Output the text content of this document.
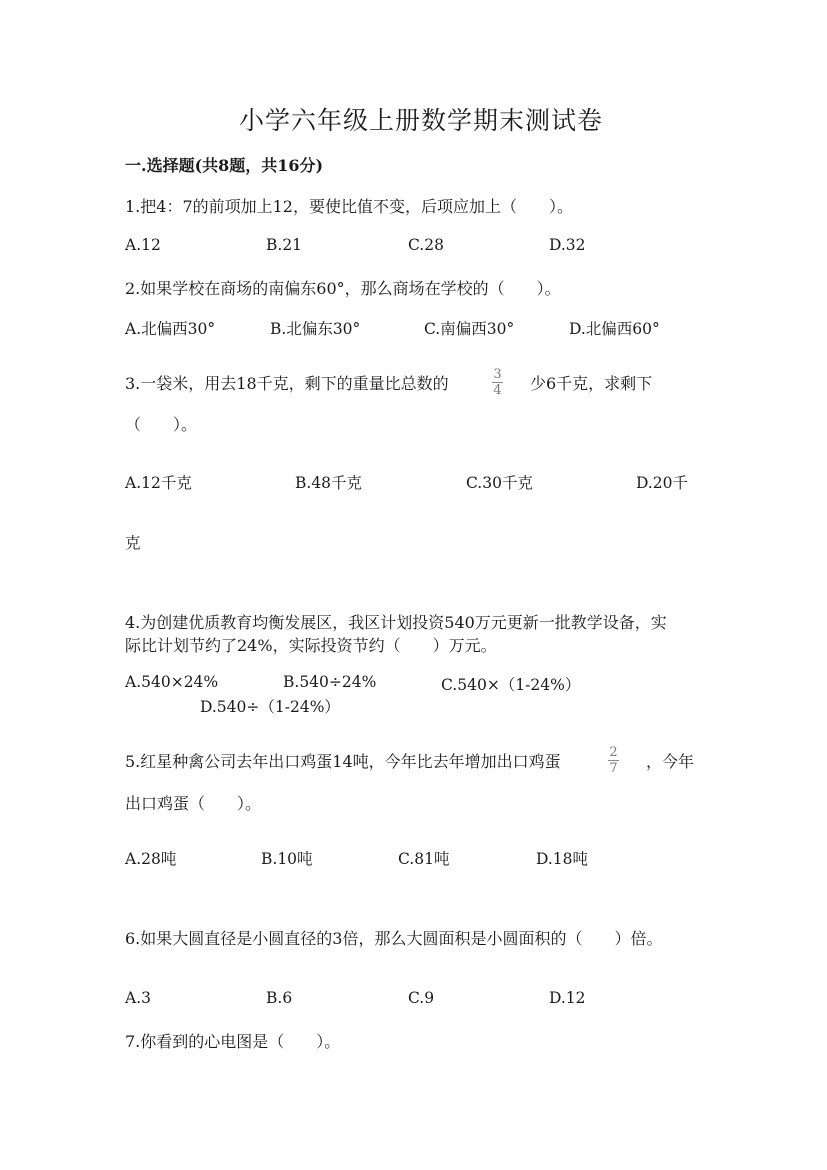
小学六年级上册数学期末测试卷
一.选择题(共8题，共16分)
1.把4：7的前项加上12，要使比值不变，后项应加上（　　）。
A.12	B.21	C.28	D.32
2.如果学校在商场的南偏东60°，那么商场在学校的（　　）。
A.北偏西30°	B.北偏东30°	C.南偏西30°	D.北偏西60°
3.一袋米，用去18千克，剩下的重量比总数的	3
4 少6千克，求剩下
（　　）。
A.12千克	B.48千克	C.30千克	D.20千
克
4.为创建优质教育均衡发展区，我区计划投资540万元更新一批教学设备，实
际比计划节约了24%，实际投资节约（　　）万元。
A.540×24%	B.540÷24%	C.540×（1-24%）
D.540÷（1-24%）
5.红星种禽公司去年出口鸡蛋14吨，今年比去年增加出口鸡蛋	2
7 ，今年
出口鸡蛋（　　）。
A.28吨	B.10吨	C.81吨	D.18吨
6.如果大圆直径是小圆直径的3倍，那么大圆面积是小圆面积的（　　）倍。
A.3	B.6	C.9	D.12
7.你看到的心电图是（　　）。
